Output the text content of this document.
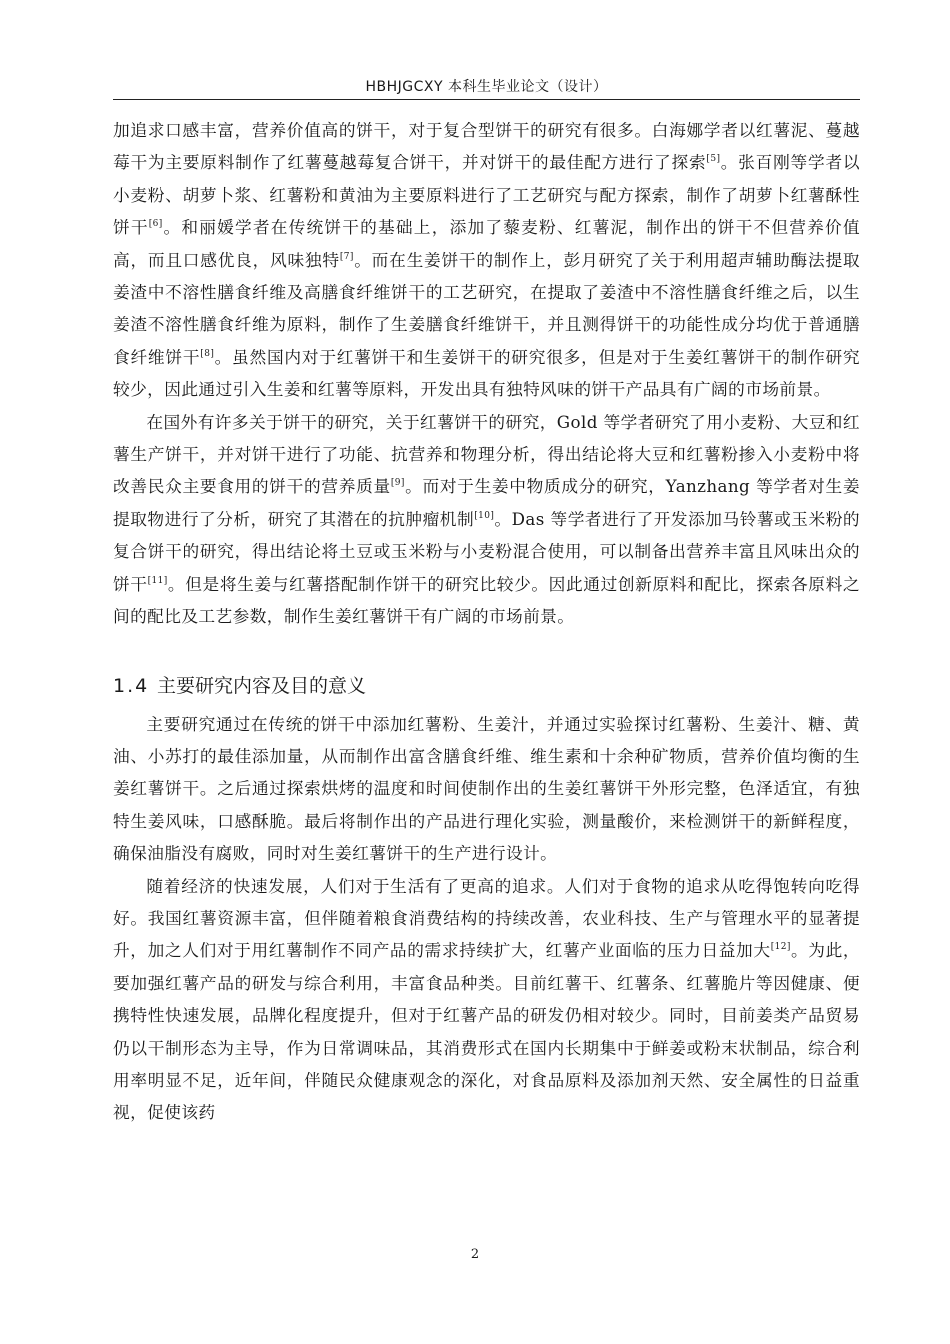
HBHJGCXY 本科生毕业论文（设计）

加追求口感丰富，营养价值高的饼干，对于复合型饼干的研究有很多。白海娜学者以红薯泥、蔓越莓干为主要原料制作了红薯蔓越莓复合饼干，并对饼干的最佳配方进行了探索[5]。张百刚等学者以小麦粉、胡萝卜浆、红薯粉和黄油为主要原料进行了工艺研究与配方探索，制作了胡萝卜红薯酥性饼干[6]。和丽媛学者在传统饼干的基础上，添加了藜麦粉、红薯泥，制作出的饼干不但营养价值高，而且口感优良，风味独特[7]。而在生姜饼干的制作上，彭月研究了关于利用超声辅助酶法提取姜渣中不溶性膳食纤维及高膳食纤维饼干的工艺研究，在提取了姜渣中不溶性膳食纤维之后，以生姜渣不溶性膳食纤维为原料，制作了生姜膳食纤维饼干，并且测得饼干的功能性成分均优于普通膳食纤维饼干[8]。虽然国内对于红薯饼干和生姜饼干的研究很多，但是对于生姜红薯饼干的制作研究较少，因此通过引入生姜和红薯等原料，开发出具有独特风味的饼干产品具有广阔的市场前景。

在国外有许多关于饼干的研究，关于红薯饼干的研究，Gold 等学者研究了用小麦粉、大豆和红薯生产饼干，并对饼干进行了功能、抗营养和物理分析，得出结论将大豆和红薯粉掺入小麦粉中将改善民众主要食用的饼干的营养质量[9]。而对于生姜中物质成分的研究，Yanzhang 等学者对生姜提取物进行了分析，研究了其潜在的抗肿瘤机制[10]。Das 等学者进行了开发添加马铃薯或玉米粉的复合饼干的研究，得出结论将土豆或玉米粉与小麦粉混合使用，可以制备出营养丰富且风味出众的饼干[11]。但是将生姜与红薯搭配制作饼干的研究比较少。因此通过创新原料和配比，探索各原料之间的配比及工艺参数，制作生姜红薯饼干有广阔的市场前景。

1.4 主要研究内容及目的意义

主要研究通过在传统的饼干中添加红薯粉、生姜汁，并通过实验探讨红薯粉、生姜汁、糖、黄油、小苏打的最佳添加量，从而制作出富含膳食纤维、维生素和十余种矿物质，营养价值均衡的生姜红薯饼干。之后通过探索烘烤的温度和时间使制作出的生姜红薯饼干外形完整，色泽适宜，有独特生姜风味，口感酥脆。最后将制作出的产品进行理化实验，测量酸价，来检测饼干的新鲜程度，确保油脂没有腐败，同时对生姜红薯饼干的生产进行设计。

随着经济的快速发展，人们对于生活有了更高的追求。人们对于食物的追求从吃得饱转向吃得好。我国红薯资源丰富，但伴随着粮食消费结构的持续改善，农业科技、生产与管理水平的显著提升，加之人们对于用红薯制作不同产品的需求持续扩大，红薯产业面临的压力日益加大[12]。为此，要加强红薯产品的研发与综合利用，丰富食品种类。目前红薯干、红薯条、红薯脆片等因健康、便携特性快速发展，品牌化程度提升，但对于红薯产品的研发仍相对较少。同时，目前姜类产品贸易仍以干制形态为主导，作为日常调味品，其消费形式在国内长期集中于鲜姜或粉末状制品，综合利用率明显不足，近年间，伴随民众健康观念的深化，对食品原料及添加剂天然、安全属性的日益重视，促使该药

2
